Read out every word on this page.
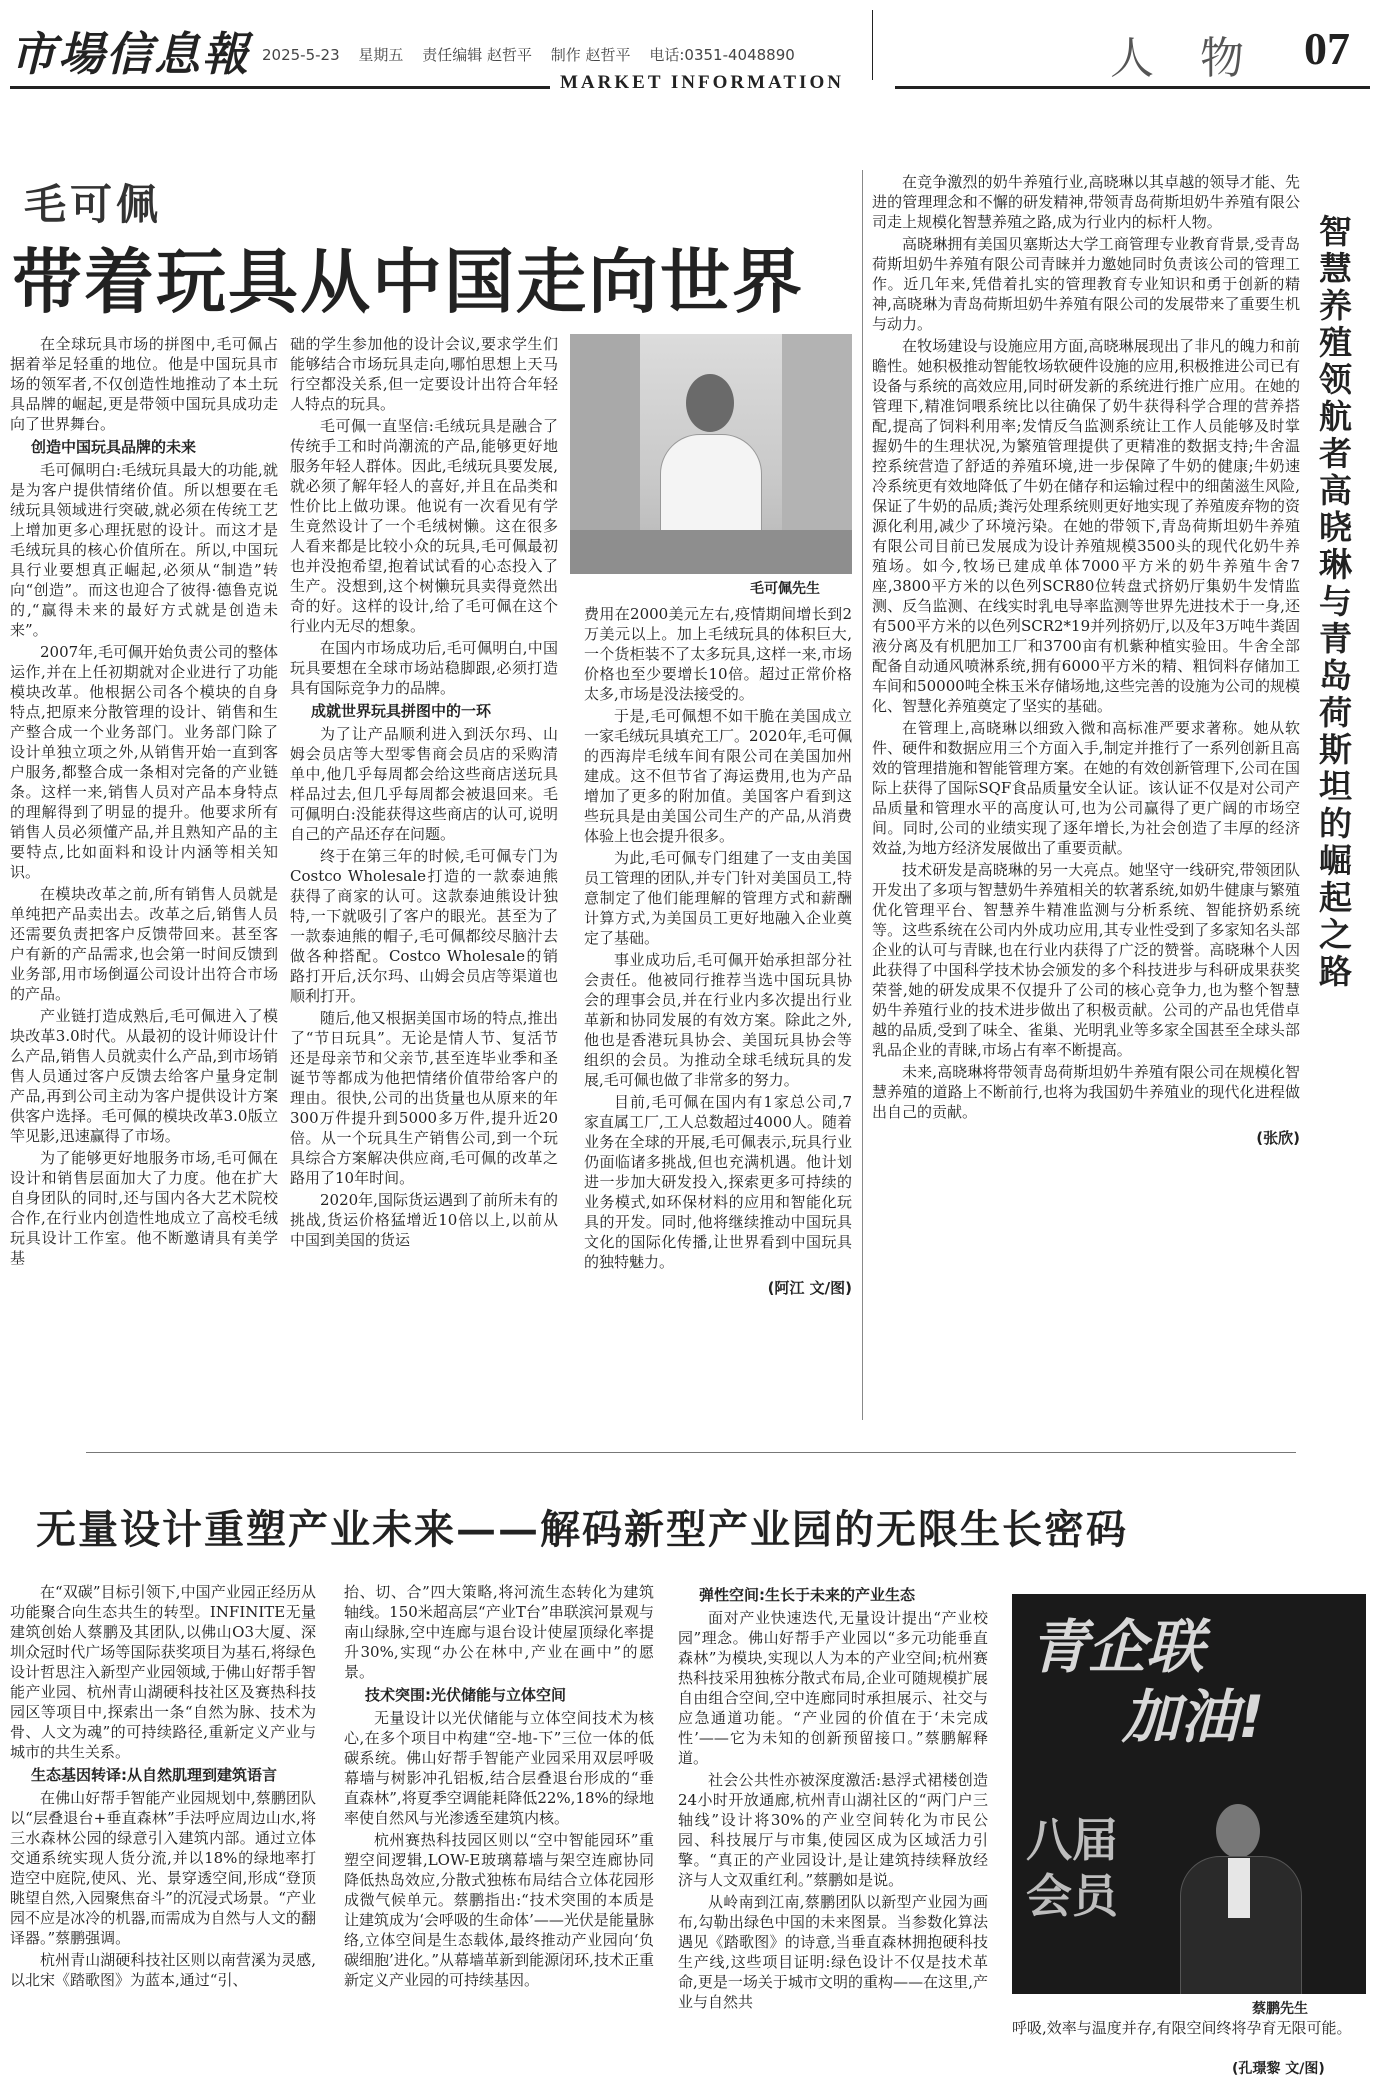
市場信息報 2025-5-23 星期五 责任编辑 赵哲平 制作 赵哲平 电话:0351-4048890
MARKET INFORMATION	人 物 07
毛可佩
带着玩具从中国走向世界

在全球玩具市场的拼图中,毛可佩占据着举足轻重的地位。他是中国玩具市场的领军者,不仅创造性地推动了本土玩具品牌的崛起,更是带领中国玩具成功走向了世界舞台。

创造中国玩具品牌的未来

毛可佩明白:毛绒玩具最大的功能,就是为客户提供情绪价值。所以想要在毛绒玩具领域进行突破,就必须在传统工艺上增加更多心理抚慰的设计。而这才是毛绒玩具的核心价值所在。所以,中国玩具行业要想真正崛起,必须从“制造”转向“创造”。而这也迎合了彼得·德鲁克说的,“赢得未来的最好方式就是创造未来”。

2007年,毛可佩开始负责公司的整体运作,并在上任初期就对企业进行了功能模块改革。他根据公司各个模块的自身特点,把原来分散管理的设计、销售和生产整合成一个业务部门。业务部门除了设计单独立项之外,从销售开始一直到客户服务,都整合成一条相对完备的产业链条。这样一来,销售人员对产品本身特点的理解得到了明显的提升。他要求所有销售人员必须懂产品,并且熟知产品的主要特点,比如面料和设计内涵等相关知识。

在模块改革之前,所有销售人员就是单纯把产品卖出去。改革之后,销售人员还需要负责把客户反馈带回来。甚至客户有新的产品需求,也会第一时间反馈到业务部,用市场倒逼公司设计出符合市场的产品。

产业链打造成熟后,毛可佩进入了模块改革3.0时代。从最初的设计师设计什么产品,销售人员就卖什么产品,到市场销售人员通过客户反馈去给客户量身定制产品,再到公司主动为客户提供设计方案供客户选择。毛可佩的模块改革3.0版立竿见影,迅速赢得了市场。

为了能够更好地服务市场,毛可佩在设计和销售层面加大了力度。他在扩大自身团队的同时,还与国内各大艺术院校合作,在行业内创造性地成立了高校毛绒玩具设计工作室。他不断邀请具有美学基

础的学生参加他的设计会议,要求学生们能够结合市场玩具走向,哪怕思想上天马行空都没关系,但一定要设计出符合年轻人特点的玩具。

毛可佩一直坚信:毛绒玩具是融合了传统手工和时尚潮流的产品,能够更好地服务年轻人群体。因此,毛绒玩具要发展,就必须了解年轻人的喜好,并且在品类和性价比上做功课。他说有一次看见有学生竟然设计了一个毛绒树懒。这在很多人看来都是比较小众的玩具,毛可佩最初也并没抱希望,抱着试试看的心态投入了生产。没想到,这个树懒玩具卖得竟然出奇的好。这样的设计,给了毛可佩在这个行业内无尽的想象。

在国内市场成功后,毛可佩明白,中国玩具要想在全球市场站稳脚跟,必须打造具有国际竞争力的品牌。

成就世界玩具拼图中的一环

为了让产品顺利进入到沃尔玛、山姆会员店等大型零售商会员店的采购清单中,他几乎每周都会给这些商店送玩具样品过去,但几乎每周都会被退回来。毛可佩明白:没能获得这些商店的认可,说明自己的产品还存在问题。

终于在第三年的时候,毛可佩专门为Costco Wholesale打造的一款泰迪熊获得了商家的认可。这款泰迪熊设计独特,一下就吸引了客户的眼光。甚至为了一款泰迪熊的帽子,毛可佩都绞尽脑汁去做各种搭配。Costco Wholesale的销路打开后,沃尔玛、山姆会员店等渠道也顺利打开。

随后,他又根据美国市场的特点,推出了“节日玩具”。无论是情人节、复活节还是母亲节和父亲节,甚至连毕业季和圣诞节等都成为他把情绪价值带给客户的理由。很快,公司的出货量也从原来的年300万件提升到5000多万件,提升近20倍。从一个玩具生产销售公司,到一个玩具综合方案解决供应商,毛可佩的改革之路用了10年时间。

2020年,国际货运遇到了前所未有的挑战,货运价格猛增近10倍以上,以前从中国到美国的货运

毛可佩先生

费用在2000美元左右,疫情期间增长到2万美元以上。加上毛绒玩具的体积巨大,一个货柜装不了太多玩具,这样一来,市场价格也至少要增长10倍。超过正常价格太多,市场是没法接受的。

于是,毛可佩想不如干脆在美国成立一家毛绒玩具填充工厂。2020年,毛可佩的西海岸毛绒车间有限公司在美国加州建成。这不但节省了海运费用,也为产品增加了更多的附加值。美国客户看到这些玩具是由美国公司生产的产品,从消费体验上也会提升很多。

为此,毛可佩专门组建了一支由美国员工管理的团队,并专门针对美国员工,特意制定了他们能理解的管理方式和薪酬计算方式,为美国员工更好地融入企业奠定了基础。

事业成功后,毛可佩开始承担部分社会责任。他被同行推荐当选中国玩具协会的理事会员,并在行业内多次提出行业革新和协同发展的有效方案。除此之外,他也是香港玩具协会、美国玩具协会等组织的会员。为推动全球毛绒玩具的发展,毛可佩也做了非常多的努力。

目前,毛可佩在国内有1家总公司,7家直属工厂,工人总数超过4000人。随着业务在全球的开展,毛可佩表示,玩具行业仍面临诸多挑战,但也充满机遇。他计划进一步加大研发投入,探索更多可持续的业务模式,如环保材料的应用和智能化玩具的开发。同时,他将继续推动中国玩具文化的国际化传播,让世界看到中国玩具的独特魅力。

(阿江 文/图)

在竞争激烈的奶牛养殖行业,高晓琳以其卓越的领导才能、先进的管理理念和不懈的研发精神,带领青岛荷斯坦奶牛养殖有限公司走上规模化智慧养殖之路,成为行业内的标杆人物。

高晓琳拥有美国贝塞斯达大学工商管理专业教育背景,受青岛荷斯坦奶牛养殖有限公司青睐并力邀她同时负责该公司的管理工作。近几年来,凭借着扎实的管理教育专业知识和勇于创新的精神,高晓琳为青岛荷斯坦奶牛养殖有限公司的发展带来了重要生机与动力。

在牧场建设与设施应用方面,高晓琳展现出了非凡的魄力和前瞻性。她积极推动智能牧场软硬件设施的应用,积极推进公司已有设备与系统的高效应用,同时研发新的系统进行推广应用。在她的管理下,精准饲喂系统比以往确保了奶牛获得科学合理的营养搭配,提高了饲料利用率;发情反刍监测系统让工作人员能够及时掌握奶牛的生理状况,为繁殖管理提供了更精准的数据支持;牛舍温控系统营造了舒适的养殖环境,进一步保障了牛奶的健康;牛奶速冷系统更有效地降低了牛奶在储存和运输过程中的细菌滋生风险,保证了牛奶的品质;粪污处理系统则更好地实现了养殖废弃物的资源化利用,减少了环境污染。在她的带领下,青岛荷斯坦奶牛养殖有限公司目前已发展成为设计养殖规模3500头的现代化奶牛养殖场。如今,牧场已建成单体7000平方米的奶牛养殖牛舍7座,3800平方米的以色列SCR80位转盘式挤奶厅集奶牛发情监测、反刍监测、在线实时乳电导率监测等世界先进技术于一身,还有500平方米的以色列SCR2*19并列挤奶厅,以及年3万吨牛粪固液分离及有机肥加工厂和3700亩有机紫种植实验田。牛舍全部配备自动通风喷淋系统,拥有6000平方米的精、粗饲料存储加工车间和50000吨全株玉米存储场地,这些完善的设施为公司的规模化、智慧化养殖奠定了坚实的基础。

在管理上,高晓琳以细致入微和高标准严要求著称。她从软件、硬件和数据应用三个方面入手,制定并推行了一系列创新且高效的管理措施和智能管理方案。在她的有效创新管理下,公司在国际上获得了国际SQF食品质量安全认证。该认证不仅是对公司产品质量和管理水平的高度认可,也为公司赢得了更广阔的市场空间。同时,公司的业绩实现了逐年增长,为社会创造了丰厚的经济效益,为地方经济发展做出了重要贡献。

技术研发是高晓琳的另一大亮点。她坚守一线研究,带领团队开发出了多项与智慧奶牛养殖相关的软著系统,如奶牛健康与繁殖优化管理平台、智慧养牛精准监测与分析系统、智能挤奶系统等。这些系统在公司内外成功应用,其专业性受到了多家知名头部企业的认可与青睐,也在行业内获得了广泛的赞誉。高晓琳个人因此获得了中国科学技术协会颁发的多个科技进步与科研成果获奖荣誉,她的研发成果不仅提升了公司的核心竞争力,也为整个智慧奶牛养殖行业的技术进步做出了积极贡献。公司的产品也凭借卓越的品质,受到了味全、雀巢、光明乳业等多家全国甚至全球头部乳品企业的青睐,市场占有率不断提高。

未来,高晓琳将带领青岛荷斯坦奶牛养殖有限公司在规模化智慧养殖的道路上不断前行,也将为我国奶牛养殖业的现代化进程做出自己的贡献。

(张欣)
智慧养殖领航者高晓琳与青岛荷斯坦的崛起之路
无量设计重塑产业未来——解码新型产业园的无限生长密码

在“双碳”目标引领下,中国产业园正经历从功能聚合向生态共生的转型。INFINITE无量建筑创始人蔡鹏及其团队,以佛山O3大厦、深圳众冠时代广场等国际获奖项目为基石,将绿色设计哲思注入新型产业园领域,于佛山好帮手智能产业园、杭州青山湖硬科技社区及赛热科技园区等项目中,探索出一条“自然为脉、技术为骨、人文为魂”的可持续路径,重新定义产业与城市的共生关系。

生态基因转译:从自然肌理到建筑语言

在佛山好帮手智能产业园规划中,蔡鹏团队以“层叠退台+垂直森林”手法呼应周边山水,将三水森林公园的绿意引入建筑内部。通过立体交通系统实现人货分流,并以18%的绿地率打造空中庭院,使风、光、景穿透空间,形成“登顶眺望自然,入园聚焦奋斗”的沉浸式场景。“产业园不应是冰冷的机器,而需成为自然与人文的翻译器。”蔡鹏强调。

杭州青山湖硬科技社区则以南营溪为灵感,以北宋《踏歌图》为蓝本,通过“引、

抬、切、合”四大策略,将河流生态转化为建筑轴线。150米超高层“产业T台”串联滨河景观与南山绿脉,空中连廊与退台设计使屋顶绿化率提升30%,实现“办公在林中,产业在画中”的愿景。

技术突围:光伏储能与立体空间

无量设计以光伏储能与立体空间技术为核心,在多个项目中构建“空-地-下”三位一体的低碳系统。佛山好帮手智能产业园采用双层呼吸幕墙与树影冲孔铝板,结合层叠退台形成的“垂直森林”,将夏季空调能耗降低22%,18%的绿地率使自然风与光渗透至建筑内核。

杭州赛热科技园区则以“空中智能园环”重塑空间逻辑,LOW-E玻璃幕墙与架空连廊协同降低热岛效应,分散式独栋布局结合立体花园形成微气候单元。蔡鹏指出:“技术突围的本质是让建筑成为‘会呼吸的生命体’——光伏是能量脉络,立体空间是生态载体,最终推动产业园向‘负碳细胞’进化。”从幕墙革新到能源闭环,技术正重新定义产业园的可持续基因。

弹性空间:生长于未来的产业生态

面对产业快速迭代,无量设计提出“产业校园”理念。佛山好帮手产业园以“多元功能垂直森林”为模块,实现以人为本的产业空间;杭州赛热科技采用独栋分散式布局,企业可随规模扩展自由组合空间,空中连廊同时承担展示、社交与应急通道功能。“产业园的价值在于‘未完成性’——它为未知的创新预留接口。”蔡鹏解释道。

社会公共性亦被深度激活:悬浮式裙楼创造24小时开放通廊,杭州青山湖社区的“两门户三轴线”设计将30%的产业空间转化为市民公园、科技展厅与市集,使园区成为区域活力引擎。“真正的产业园设计,是让建筑持续释放经济与人文双重红利。”蔡鹏如是说。

从岭南到江南,蔡鹏团队以新型产业园为画布,勾勒出绿色中国的未来图景。当参数化算法遇见《踏歌图》的诗意,当垂直森林拥抱硬科技生产线,这些项目证明:绿色设计不仅是技术革命,更是一场关于城市文明的重构——在这里,产业与自然共

青企联
加油!
八届
会员
蔡鹏先生
呼吸,效率与温度并存,有限空间终将孕育无限可能。
(孔璟黎 文/图)
